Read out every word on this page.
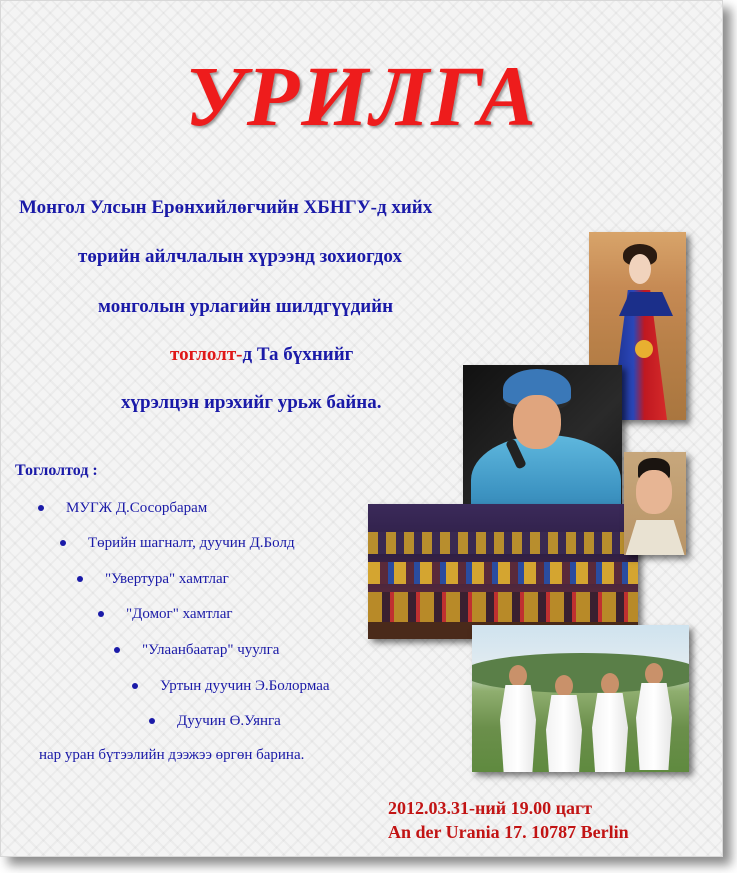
УРИЛГА
Монгол Улсын Ерөнхийлөгчийн ХБНГУ-д хийх
төрийн айлчлалын хүрээнд зохиогдох
монголын урлагийн шилдгүүдийн
тоглолт-д Та бүхнийг
хүрэлцэн ирэхийг урьж байна.
Тоглолтод :
МУГЖ Д.Сосорбарам
Төрийн шагналт, дуучин Д.Болд
"Увертура" хамтлаг
"Домог" хамтлаг
"Улаанбаатар" чуулга
Уртын дуучин Э.Болормаа
Дуучин Ө.Уянга
нар уран бүтээлийн дээжээ өргөн барина.
2012.03.31-ний 19.00 цагт
An der Urania 17. 10787 Berlin
